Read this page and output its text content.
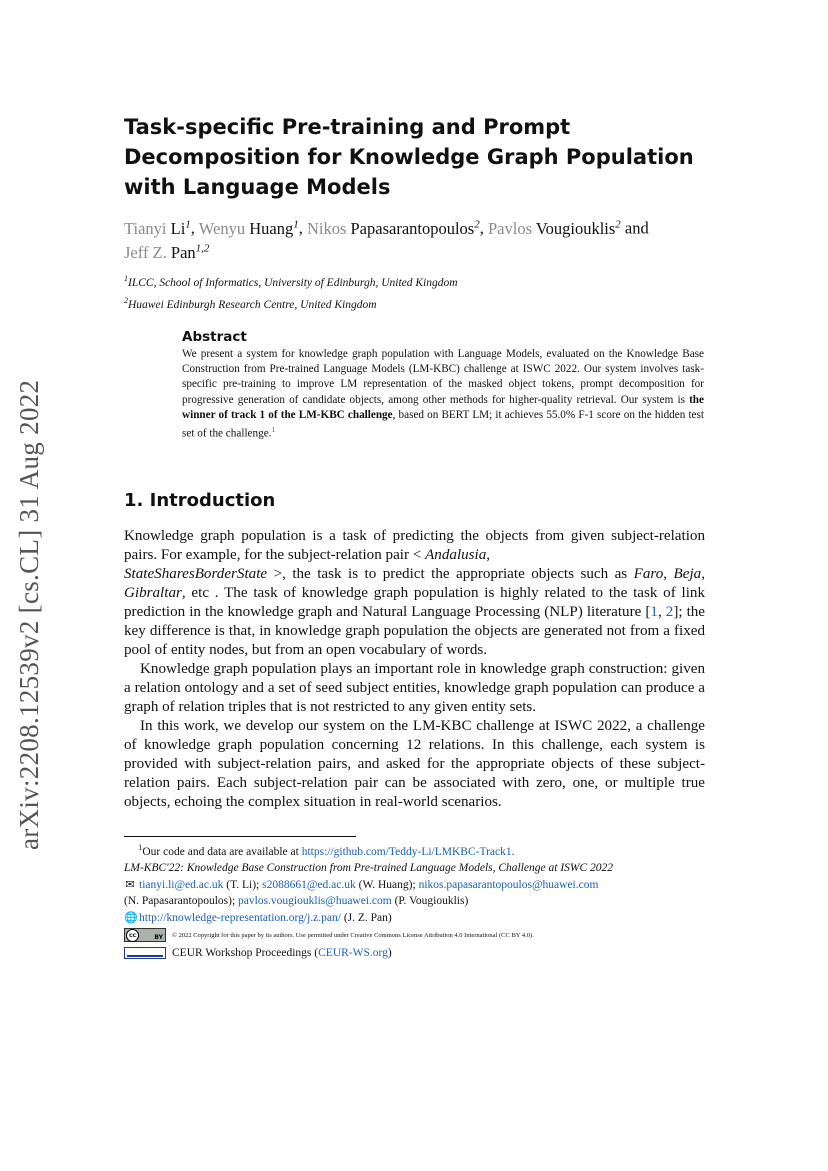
arXiv:2208.12539v2 [cs.CL] 31 Aug 2022
Task-specific Pre-training and Prompt
Decomposition for Knowledge Graph Population
with Language Models
Tianyi Li$^1$, Wenyu Huang$^1$, Nikos Papasarantopoulos$^2$, Pavlos Vougiouklis$^2$ and
Jeff Z. Pan$^{1,2}$
$^1$ILCC, School of Informatics, University of Edinburgh, United Kingdom
$^2$Huawei Edinburgh Research Centre, United Kingdom
Abstract

We present a system for knowledge graph population with Language Models, evaluated on the Knowledge Base Construction from Pre-trained Language Models (LM-KBC) challenge at ISWC 2022. Our system involves task-specific pre-training to improve LM representation of the masked object tokens, prompt decomposition for progressive generation of candidate objects, among other methods for higher-quality retrieval. Our system is the winner of track 1 of the LM-KBC challenge, based on BERT LM; it achieves 55.0% F-1 score on the hidden test set of the challenge.$^1$

1. Introduction

Knowledge graph population is a task of predicting the objects from given subject-relation pairs. For example, for the subject-relation pair < Andalusia,
StateSharesBorderState >, the task is to predict the appropriate objects such as Faro, Beja, Gibraltar, etc . The task of knowledge graph population is highly related to the task of link prediction in the knowledge graph and Natural Language Processing (NLP) literature [1, 2]; the key difference is that, in knowledge graph population the objects are generated not from a fixed pool of entity nodes, but from an open vocabulary of words.

Knowledge graph population plays an important role in knowledge graph construction: given a relation ontology and a set of seed subject entities, knowledge graph population can produce a graph of relation triples that is not restricted to any given entity sets.

In this work, we develop our system on the LM-KBC challenge at ISWC 2022, a challenge of knowledge graph population concerning 12 relations. In this challenge, each system is provided with subject-relation pairs, and asked for the appropriate objects of these subject-relation pairs. Each subject-relation pair can be associated with zero, one, or multiple true objects, echoing the complex situation in real-world scenarios.

$^1$Our code and data are available at https://github.com/Teddy-Li/LMKBC-Track1.
LM-KBC'22: Knowledge Base Construction from Pre-trained Language Models, Challenge at ISWC 2022
✉ tianyi.li@ed.ac.uk (T. Li); s2088661@ed.ac.uk (W. Huang); nikos.papasarantopoulos@huawei.com
(N. Papasarantopoulos); pavlos.vougiouklis@huawei.com (P. Vougiouklis)
🌐http://knowledge-representation.org/j.z.pan/ (J. Z. Pan)
cc	BY © 2022 Copyright for this paper by its authors. Use permitted under Creative Commons License Attribution 4.0 International (CC BY 4.0).
CEUR Workshop Proceedings (CEUR-WS.org)
